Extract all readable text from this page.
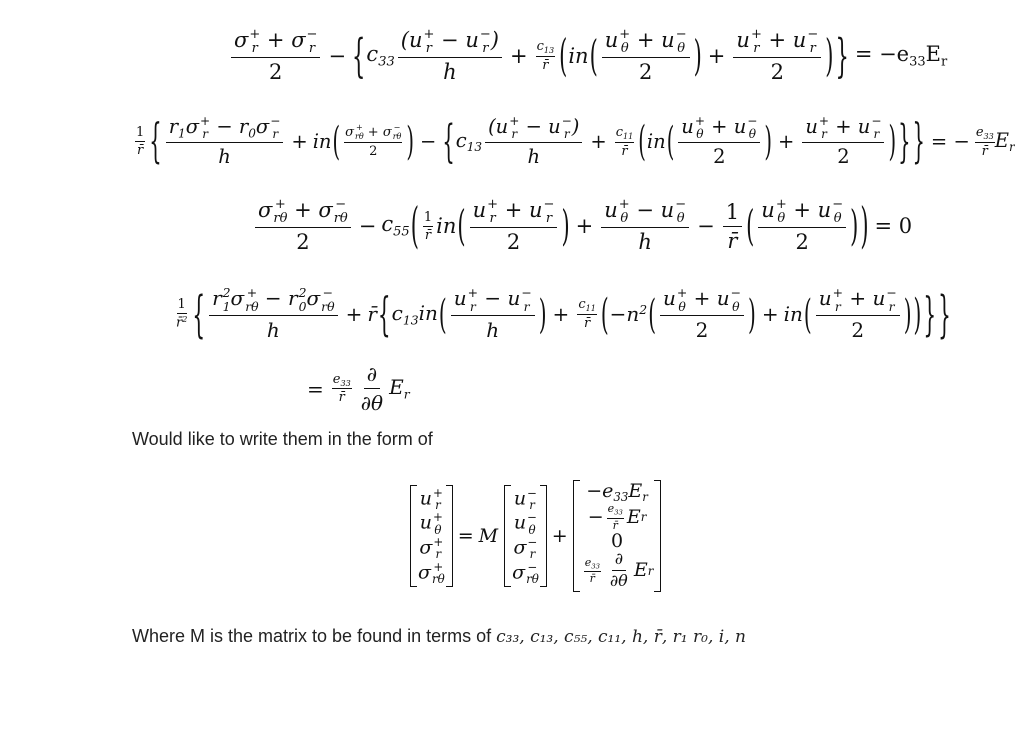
σ +
r + σ −
r
2 − { $c_{33}$ (u +
r − u −
r )
$h + \frac{c_{13}}{r̄}$ ( in ( u +
θ + u −
θ
2 ) + u +
r + u −
r
2 ) } = $-e_{33}E_r$
$\frac{1}{r̄}$ { $r_1\sigma$ +
$r - r_0\sigma$ −
r
h + in ( σ +
rθ + σ −
rθ
2 ) − { $c_{13}$ (u +
r − u −
r )
$h + \frac{c_{11}}{r̄}$ ( in ( u +
θ + u −
θ
2 ) + u +
r + u −
r
2 ) } } = − $\frac{e_{33}}{r̄} E_r$
σ +
rθ + σ −
rθ
$2 - c_{55}$ ( $\frac{1}{r̄}$ in ( u +
r + u −
r
2 ) + u +
θ − u −
θ
$h - \frac{1}{r̄}$ ( u +
θ + u −
θ
2 ) ) = 0
$\frac{1}{r̄^2}$ { r 2
1 σ +
rθ − r 2
0 σ −
rθ
h + r̄ { $c_{13}in$ ( u +
r − u −
r
h ) + $\frac{c_{11}}{r̄}$ ( $-n^2$ ( u +
θ + u −
θ
2 ) + in ( u +
r + u −
r
2 ) ) } }
= $\frac{e_{33}}{r̄} \frac{\partial}{\partial\theta} E_r$
Would like to write them in the form of
u +
r
u +
θ
σ +
r
σ +
rθ
= M
u −
r
u −
θ
σ −
r
σ −
rθ
+
$-e_{33}E_r$
− $\frac{e_{33}}{r̄}$ E r
0
$\frac{e_{33}}{r̄} \frac{\partial}{\partial\theta}$ E r
Where M is the matrix to be found in terms of c₃₃, c₁₃, c₅₅, c₁₁, h, r̄, r₁ r₀, i, n
